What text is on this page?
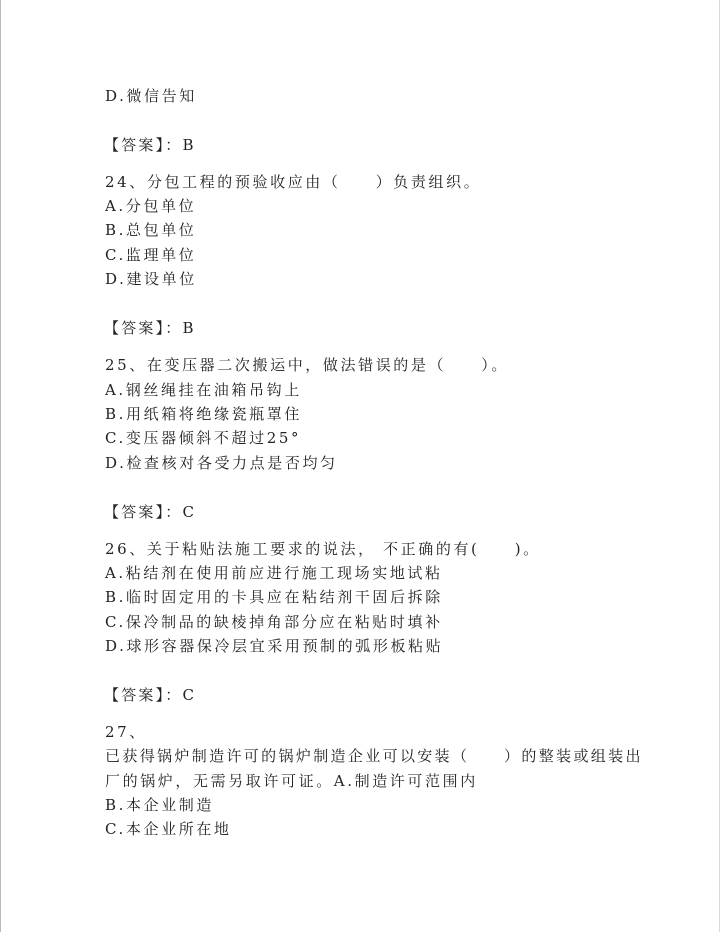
D.微信告知
【答案】：B
24、分包工程的预验收应由（　　）负责组织。
A.分包单位
B.总包单位
C.监理单位
D.建设单位
【答案】：B
25、在变压器二次搬运中，做法错误的是（　　）。
A.钢丝绳挂在油箱吊钩上
B.用纸箱将绝缘瓷瓶罩住
C.变压器倾斜不超过25°
D.检查核对各受力点是否均匀
【答案】：C
26、关于粘贴法施工要求的说法， 不正确的有(　　)。
A.粘结剂在使用前应进行施工现场实地试粘
B.临时固定用的卡具应在粘结剂干固后拆除
C.保冷制品的缺棱掉角部分应在粘贴时填补
D.球形容器保冷层宜采用预制的弧形板粘贴
【答案】：C
27、
已获得锅炉制造许可的锅炉制造企业可以安装（　　）的整装或组装出
厂的锅炉，无需另取许可证。A.制造许可范围内
B.本企业制造
C.本企业所在地
